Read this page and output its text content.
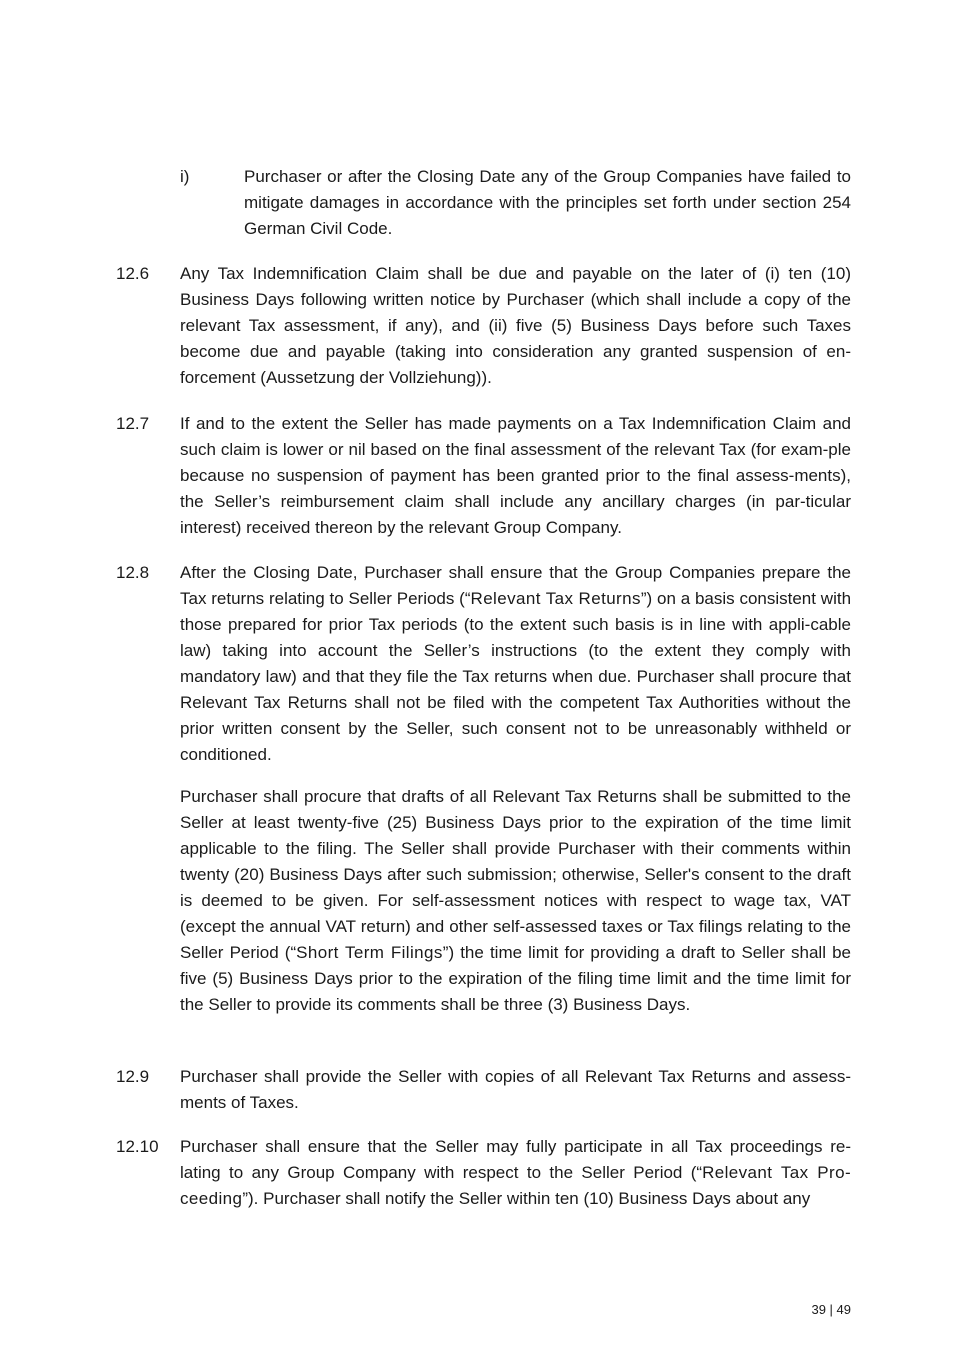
i)	Purchaser or after the Closing Date any of the Group Companies have failed to mitigate damages in accordance with the principles set forth under section 254 German Civil Code.
12.6 Any Tax Indemnification Claim shall be due and payable on the later of (i) ten (10) Business Days following written notice by Purchaser (which shall include a copy of the relevant Tax assessment, if any), and (ii) five (5) Business Days before such Taxes become due and payable (taking into consideration any granted suspension of en-forcement (Aussetzung der Vollziehung)).
12.7 If and to the extent the Seller has made payments on a Tax Indemnification Claim and such claim is lower or nil based on the final assessment of the relevant Tax (for exam-ple because no suspension of payment has been granted prior to the final assess-ments), the Seller’s reimbursement claim shall include any ancillary charges (in par-ticular interest) received thereon by the relevant Group Company.
12.8 After the Closing Date, Purchaser shall ensure that the Group Companies prepare the Tax returns relating to Seller Periods (“Relevant Tax Returns”) on a basis consistent with those prepared for prior Tax periods (to the extent such basis is in line with appli-cable law) taking into account the Seller’s instructions (to the extent they comply with mandatory law) and that they file the Tax returns when due. Purchaser shall procure that Relevant Tax Returns shall not be filed with the competent Tax Authorities without the prior written consent by the Seller, such consent not to be unreasonably withheld or conditioned.
Purchaser shall procure that drafts of all Relevant Tax Returns shall be submitted to the Seller at least twenty-five (25) Business Days prior to the expiration of the time limit applicable to the filing. The Seller shall provide Purchaser with their comments within twenty (20) Business Days after such submission; otherwise, Seller's consent to the draft is deemed to be given. For self-assessment notices with respect to wage tax, VAT (except the annual VAT return) and other self-assessed taxes or Tax filings relating to the Seller Period (“Short Term Filings”) the time limit for providing a draft to Seller shall be five (5) Business Days prior to the expiration of the filing time limit and the time limit for the Seller to provide its comments shall be three (3) Business Days.
12.9 Purchaser shall provide the Seller with copies of all Relevant Tax Returns and assess-ments of Taxes.
12.10 Purchaser shall ensure that the Seller may fully participate in all Tax proceedings re-lating to any Group Company with respect to the Seller Period (“Relevant Tax Pro-ceeding”). Purchaser shall notify the Seller within ten (10) Business Days about any
39 | 49
